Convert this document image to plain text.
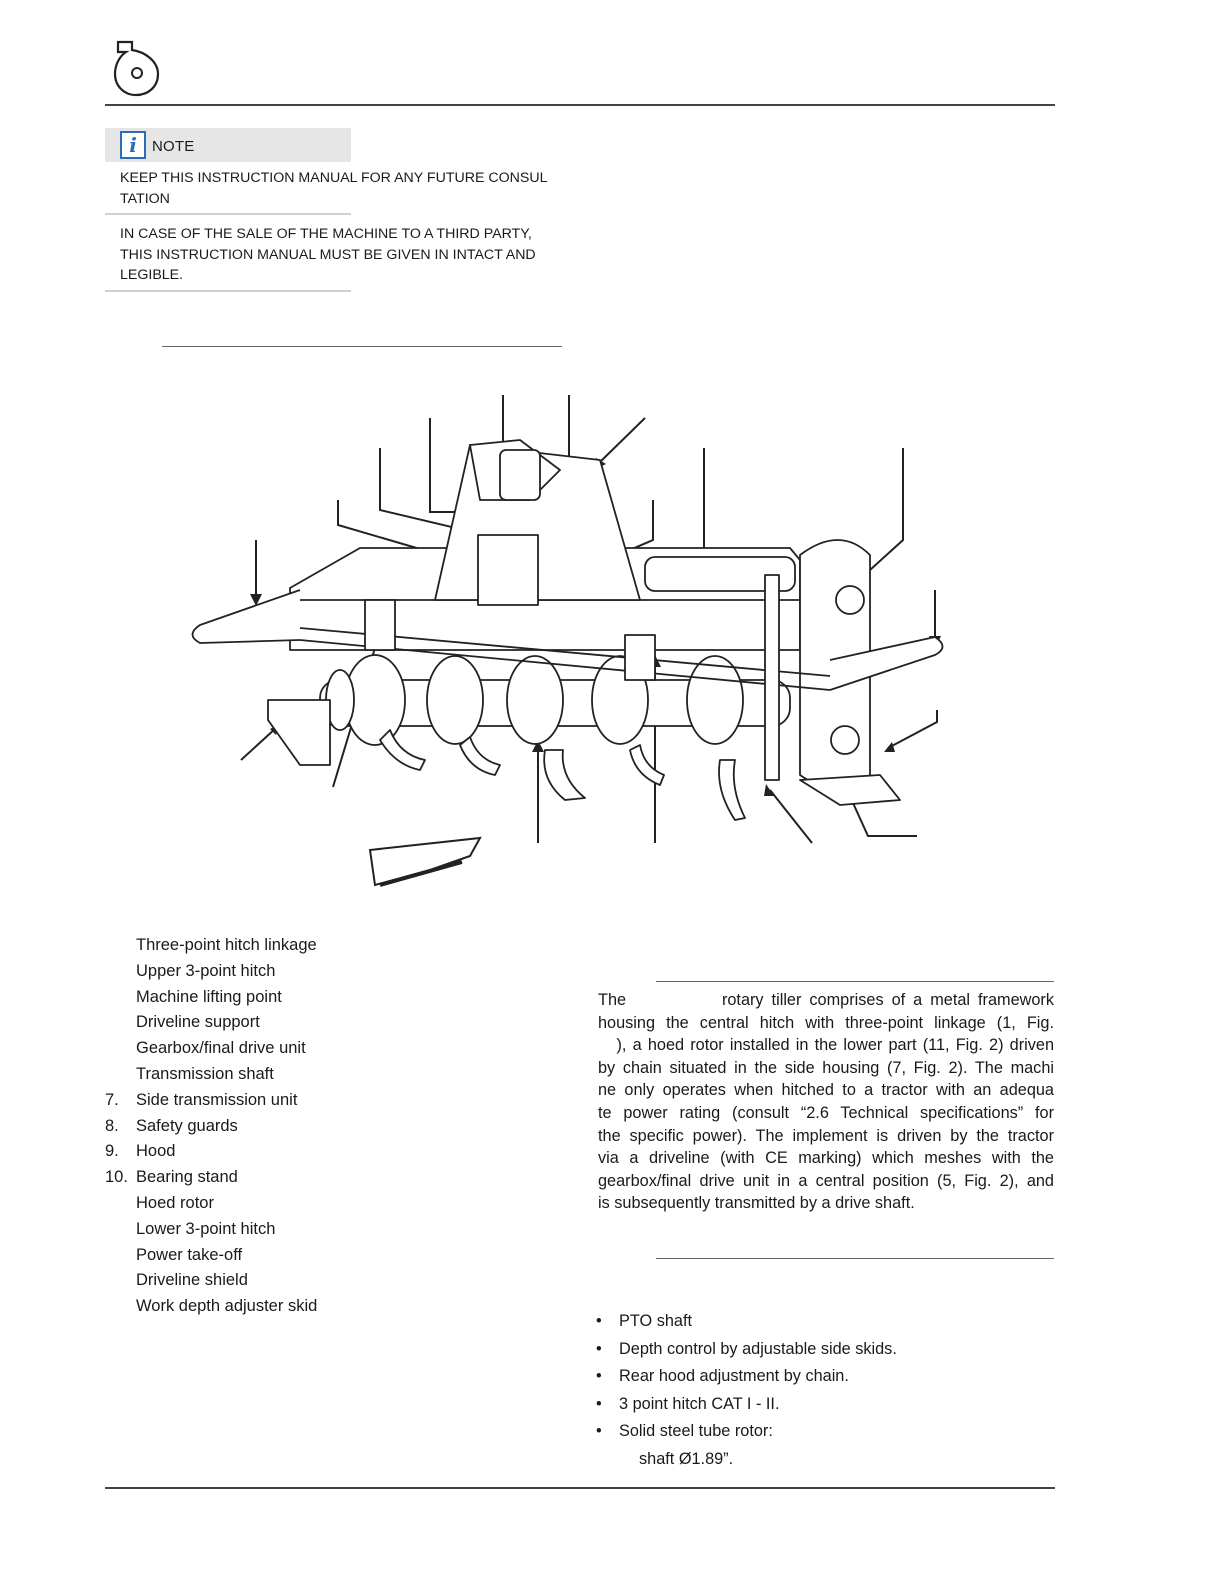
i	NOTE
KEEP THIS INSTRUCTION MANUAL FOR ANY FUTURE CONSUL
TATION
IN CASE OF THE SALE OF THE MACHINE TO A THIRD PARTY,
THIS INSTRUCTION MANUAL MUST BE GIVEN IN INTACT AND
LEGIBLE.
Three-point hitch linkage
Upper 3-point hitch
Machine lifting point
Driveline support
Gearbox/final drive unit
Transmission shaft
7. Side transmission unit
8. Safety guards
9. Hood
10. Bearing stand
Hoed rotor
Lower 3-point hitch
Power take-off
Driveline shield
Work depth adjuster skid
The            rotary tiller comprises of a metal framework
housing the central hitch with three-point linkage (1, Fig.
), a hoed rotor installed in the lower part (11, Fig. 2) driven
by chain situated in the side housing (7, Fig. 2). The machi
ne only operates when hitched to a tractor with an adequa
te power rating (consult “2.6 Technical specifications” for
the specific power). The implement is driven by the tractor
via a driveline (with CE marking) which meshes with the
gearbox/final drive unit in a central position (5, Fig. 2), and
is subsequently transmitted by a drive shaft.
• PTO shaft
• Depth control by adjustable side skids.
• Rear hood adjustment by chain.
• 3 point hitch CAT I - II.
• Solid steel tube rotor:
shaft Ø1.89”.
